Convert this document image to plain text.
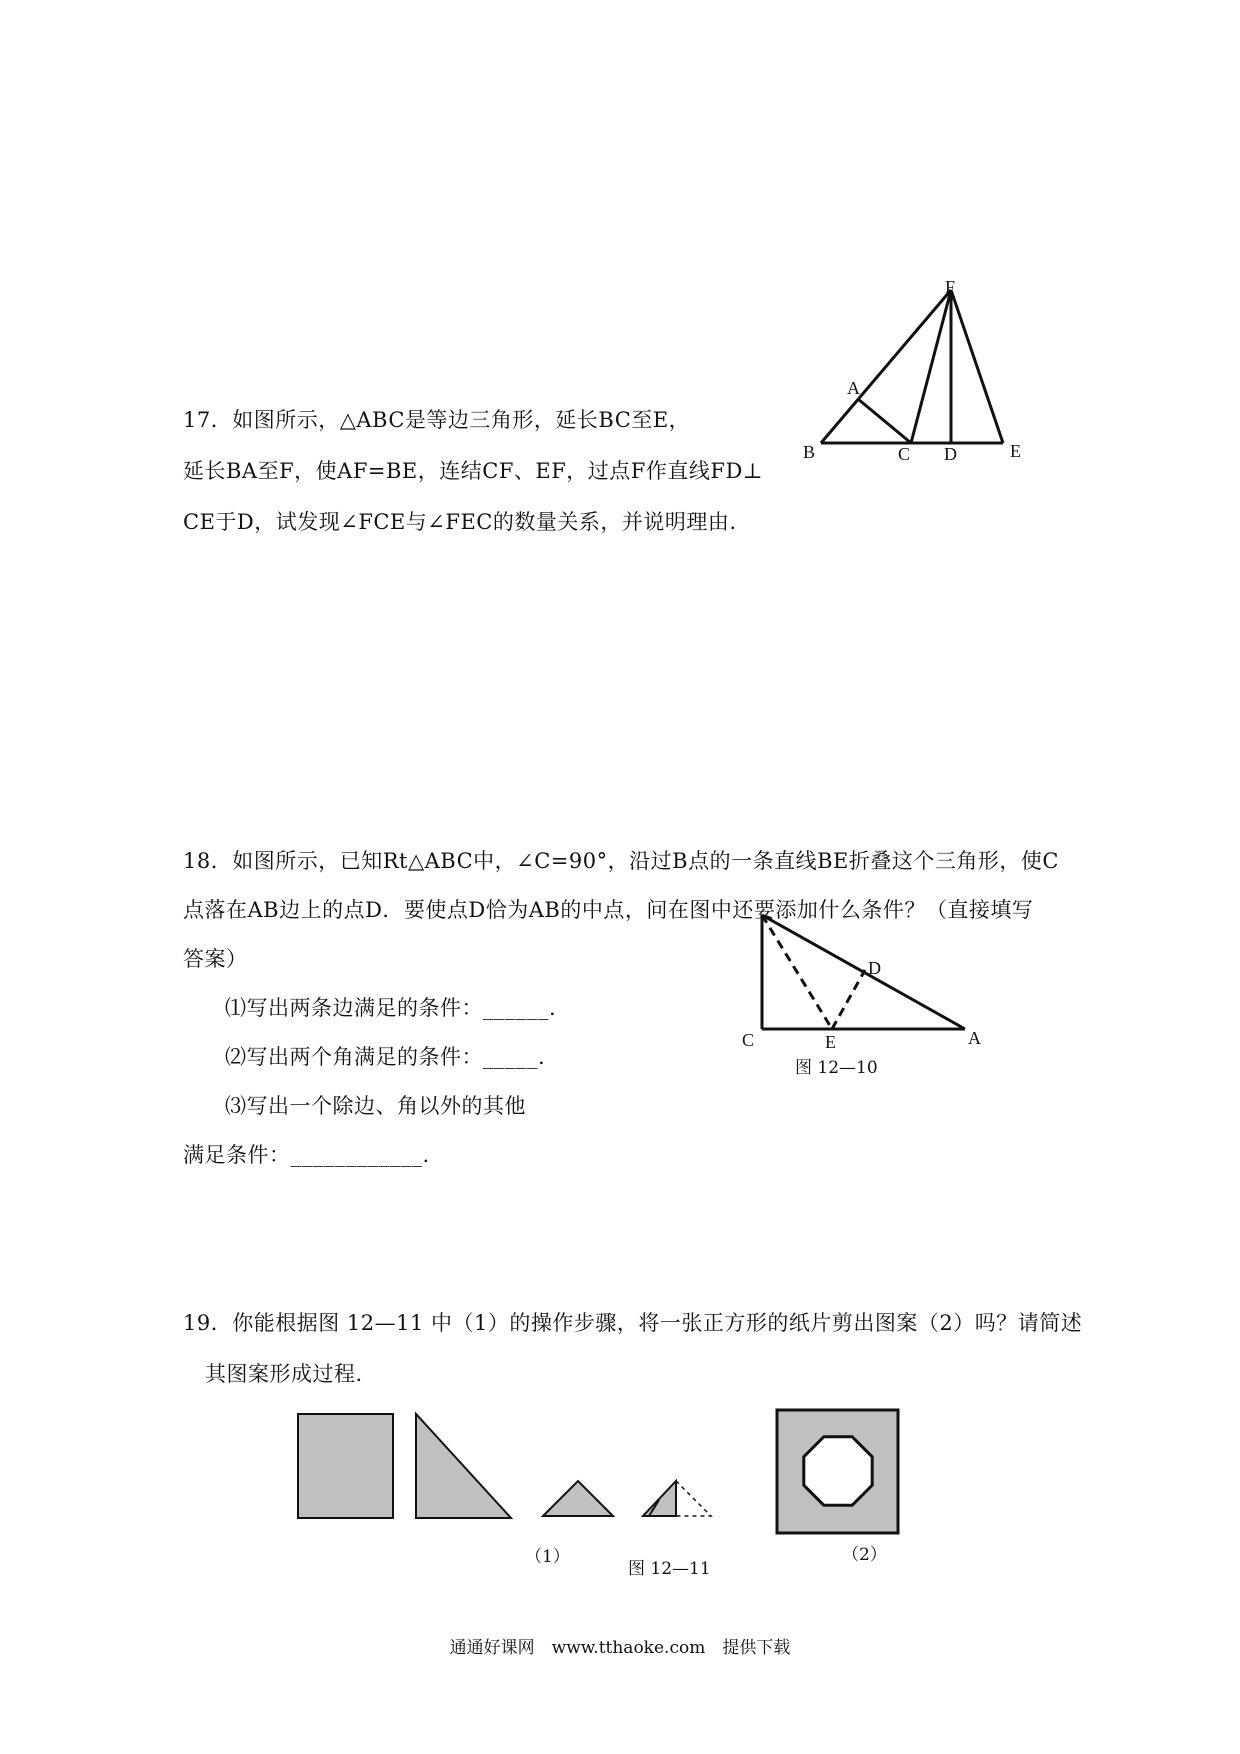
17．如图所示，△ABC是等边三角形，延长BC至E，
延长BA至F，使AF=BE，连结CF、EF，过点F作直线FD⊥
CE于D，试发现∠FCE与∠FEC的数量关系，并说明理由.
F
A
B	C D	E
18．如图所示，已知Rt△ABC中，∠C=90°，沿过B点的一条直线BE折叠这个三角形，使C
点落在AB边上的点D．要使点D恰为AB的中点，问在图中还要添加什么条件？（直接填写
答案）
⑴写出两条边满足的条件：______.
⑵写出两个角满足的条件：_____.
⑶写出一个除边、角以外的其他
满足条件：____________.
D
C	E	A
图 12—10
19．你能根据图 12—11 中（1）的操作步骤，将一张正方形的纸片剪出图案（2）吗？请简述
其图案形成过程.
（1）	（2）
图 12—11
通通好课网　www.tthaoke.com　提供下载
